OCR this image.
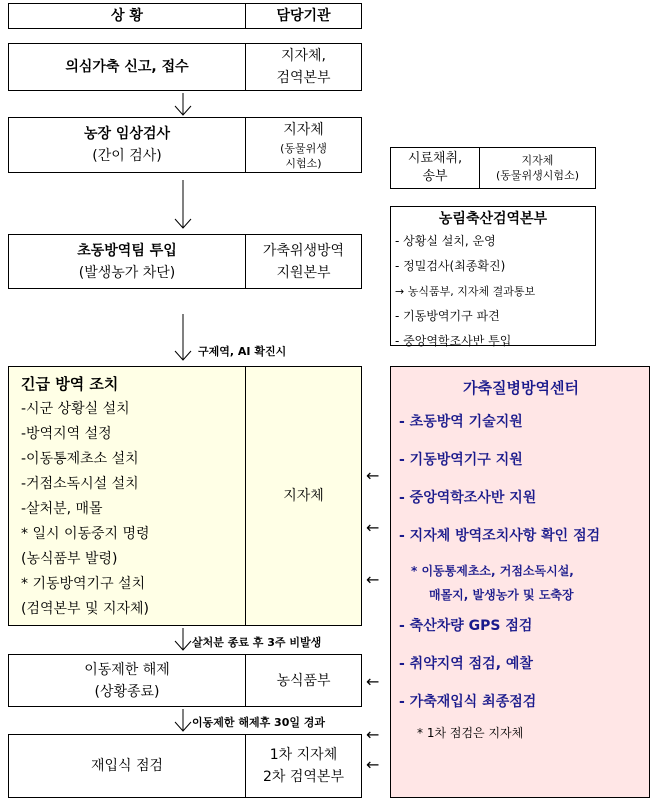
상 황	담당기관
의심가축 신고, 접수
지자체,
검역본부
농장 임상검사
(간이 검사)
지자체
(동물위생
시험소)
초동방역팀 투입
(발생농가 차단)
가축위생방역
지원본부
구제역, AI 확진시
긴급 방역 조치
-시군 상황실 설치
-방역지역 설정
-이동통제초소 설치
-거점소독시설 설치
-살처분, 매몰
* 일시 이동중지 명령
(농식품부 발령)
* 기동방역기구 설치
(검역본부 및 지자체)
지자체
살처분 종료 후 3주 비발생
이동제한 해제
(상황종료)
농식품부
이동제한 해제후 30일 경과
재입식 점검
1차 지자체
2차 검역본부
시료채취,
송부
지자체
(동물위생시험소)
농림축산검역본부
- 상황실 설치, 운영
- 정밀검사(최종확진)
→ 농식품부, 지자체 결과통보
- 기동방역기구 파견
- 중앙역학조사반 투입
가축질병방역센터
- 초동방역 기술지원
- 기동방역기구 지원
- 중앙역학조사반 지원
- 지자체 방역조치사항 확인 점검
* 이동통제초소, 거점소독시설,
매몰지, 발생농가 및 도축장
- 축산차량 GPS 점검
- 취약지역 점검, 예찰
- 가축재입식 최종점검
* 1차 점검은 지자체
←
←
←
←
←
←
